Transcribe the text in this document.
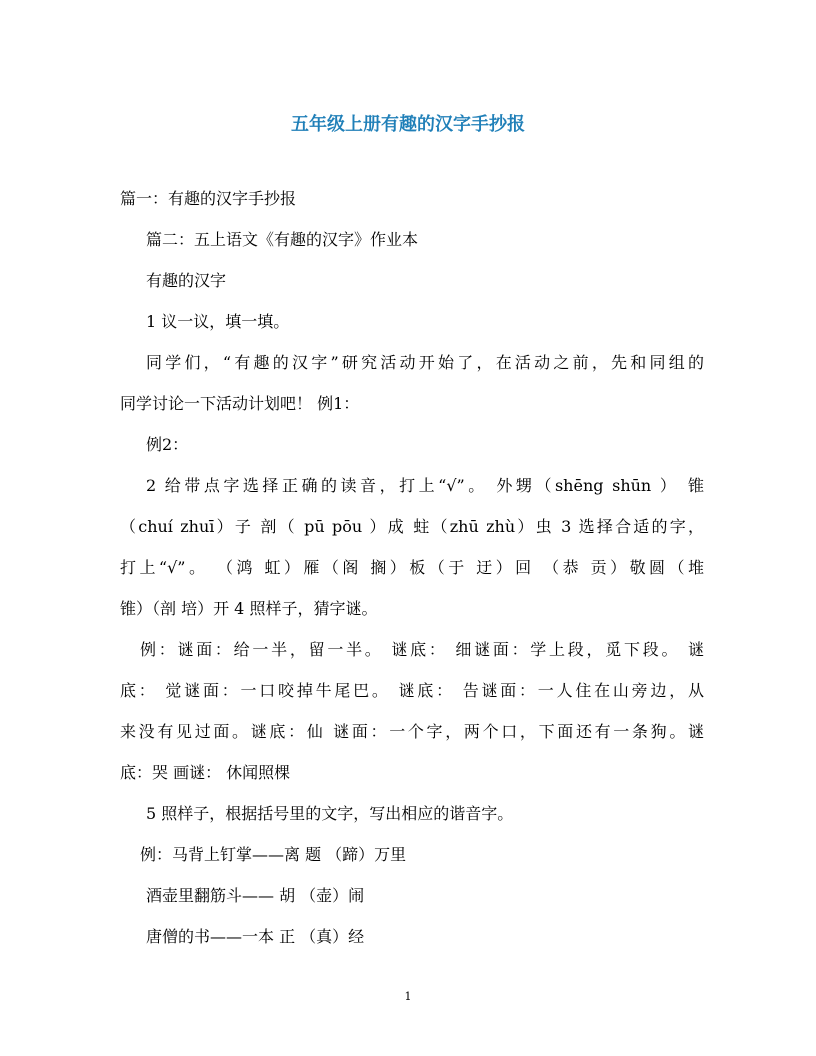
五年级上册有趣的汉字手抄报

篇一：有趣的汉字手抄报

篇二：五上语文《有趣的汉字》作业本

有趣的汉字

1 议一议，填一填。

同学们，“有趣的汉字”研究活动开始了，在活动之前，先和同组的

同学讨论一下活动计划吧！ 例1：

例2：

2 给带点字选择正确的读音，打上“√”。 外甥（shēng shūn ） 锥

（chuí zhuī）子 剖（ pū pōu ）成 蛀（zhū zhù）虫 3 选择合适的字，

打上“√”。 （鸿 虹）雁（阁 搁）板（于 迂）回 （恭 贡）敬圆（堆

锥）（剖 培）开 4 照样子，猜字谜。

例：谜面：给一半，留一半。 谜底： 细谜面：学上段，觅下段。 谜

底： 觉谜面：一口咬掉牛尾巴。 谜底： 告谜面：一人住在山旁边，从

来没有见过面。谜底：仙 谜面：一个字，两个口，下面还有一条狗。谜

底：哭 画谜： 休闻照棵

5 照样子，根据括号里的文字，写出相应的谐音字。

例：马背上钉掌——离 题 （蹄）万里

酒壶里翻筋斗—— 胡 （壶）闹

唐僧的书——一本 正 （真）经

1
